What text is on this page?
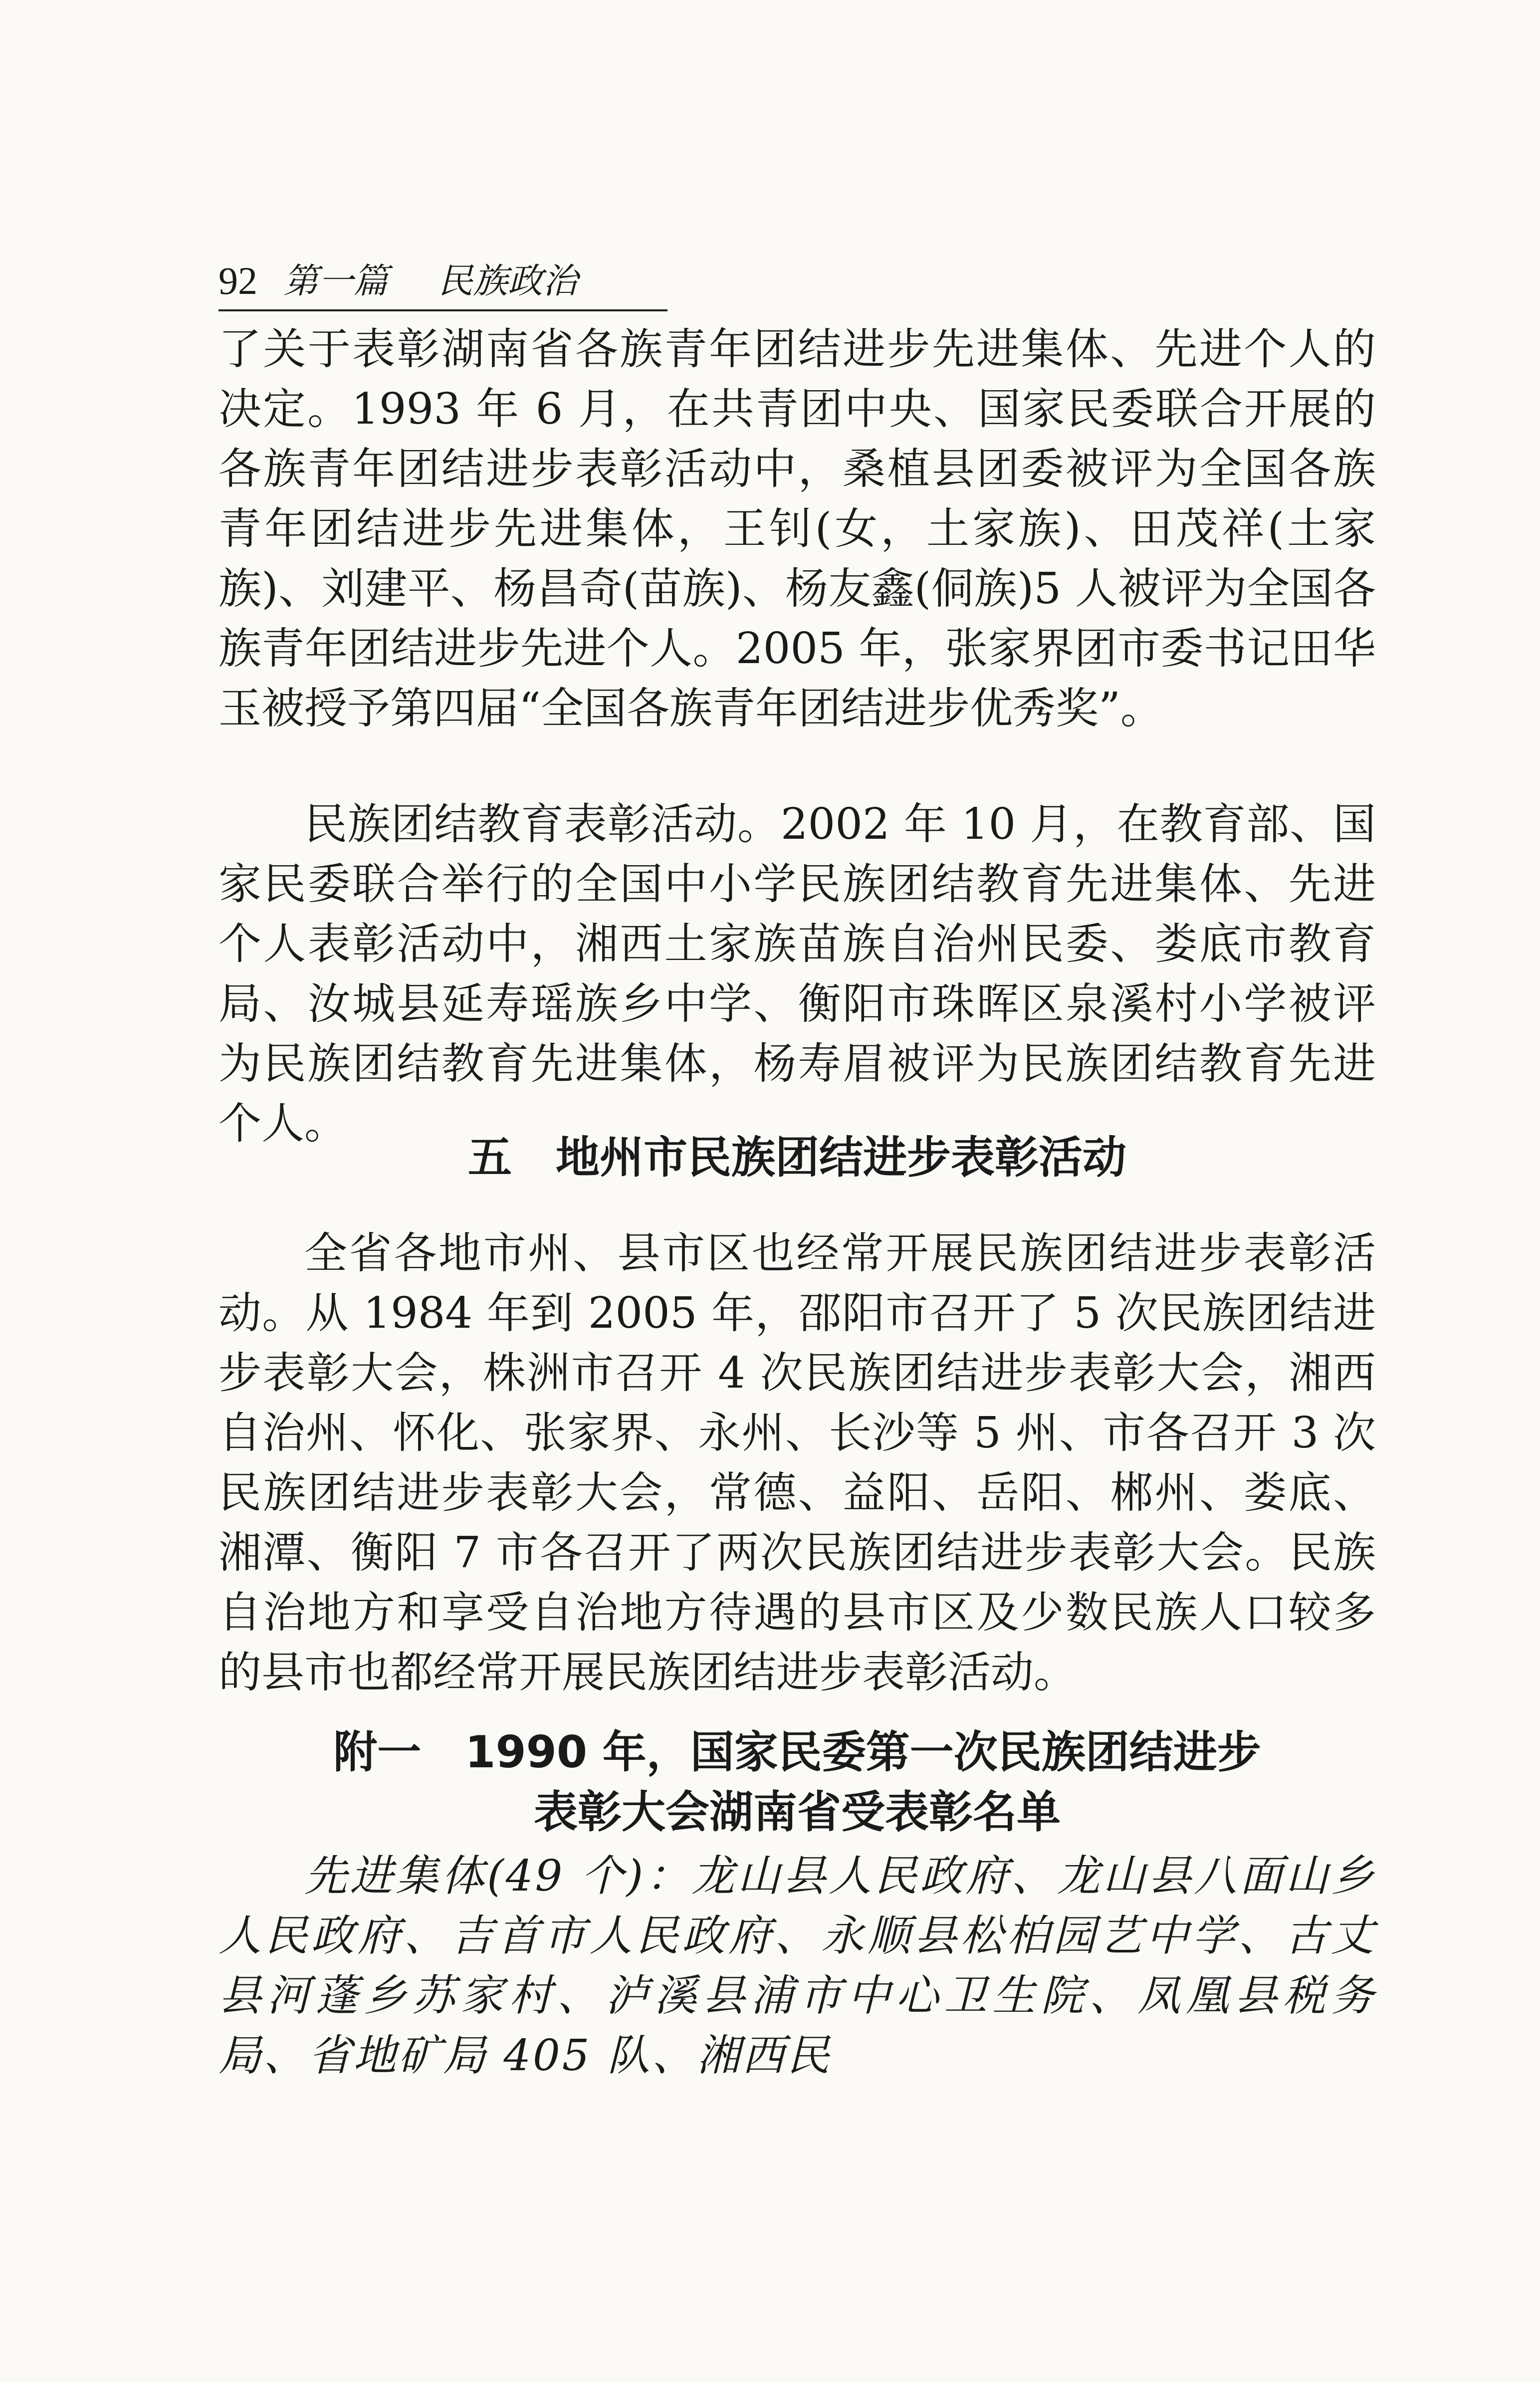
92 第一篇 民族政治

了关于表彰湖南省各族青年团结进步先进集体、先进个人的决定。1993 年 6 月，在共青团中央、国家民委联合开展的各族青年团结进步表彰活动中，桑植县团委被评为全国各族青年团结进步先进集体，王钊(女，土家族)、田茂祥(土家族)、刘建平、杨昌奇(苗族)、杨友鑫(侗族)5 人被评为全国各族青年团结进步先进个人。2005 年，张家界团市委书记田华玉被授予第四届“全国各族青年团结进步优秀奖”。

民族团结教育表彰活动。2002 年 10 月，在教育部、国家民委联合举行的全国中小学民族团结教育先进集体、先进个人表彰活动中，湘西土家族苗族自治州民委、娄底市教育局、汝城县延寿瑶族乡中学、衡阳市珠晖区泉溪村小学被评为民族团结教育先进集体，杨寿眉被评为民族团结教育先进个人。

五　地州市民族团结进步表彰活动

全省各地市州、县市区也经常开展民族团结进步表彰活动。从 1984 年到 2005 年，邵阳市召开了 5 次民族团结进步表彰大会，株洲市召开 4 次民族团结进步表彰大会，湘西自治州、怀化、张家界、永州、长沙等 5 州、市各召开 3 次民族团结进步表彰大会，常德、益阳、岳阳、郴州、娄底、湘潭、衡阳 7 市各召开了两次民族团结进步表彰大会。民族自治地方和享受自治地方待遇的县市区及少数民族人口较多的县市也都经常开展民族团结进步表彰活动。

附一　1990 年，国家民委第一次民族团结进步
表彰大会湖南省受表彰名单

先进集体(49 个)：龙山县人民政府、龙山县八面山乡人民政府、吉首市人民政府、永顺县松柏园艺中学、古丈县河蓬乡苏家村、泸溪县浦市中心卫生院、凤凰县税务局、省地矿局 405 队、湘西民
